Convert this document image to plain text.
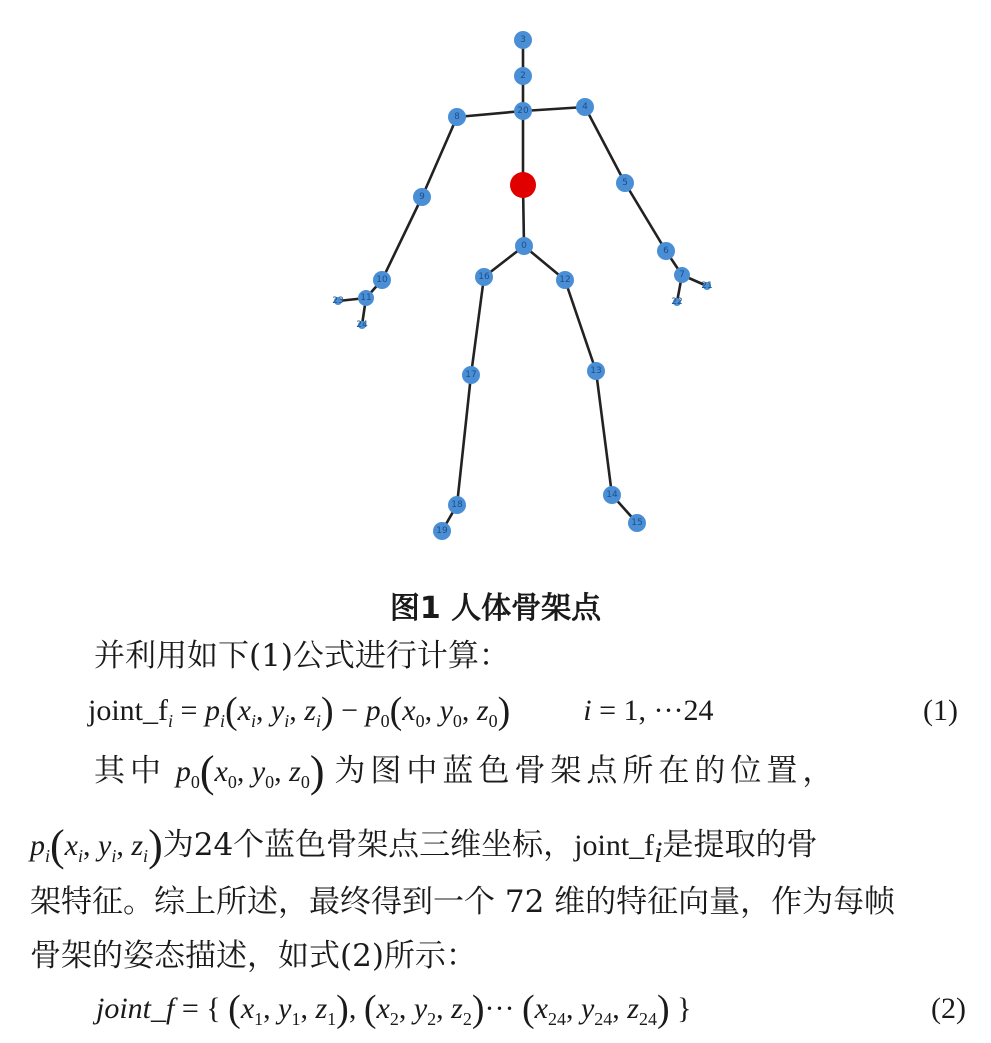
3
2
20
8
4
9
5
0
16	12
10
6
7
21
23 11	22
24
17	13
18
14
19
15
图1 人体骨架点
并利用如下(1)公式进行计算：
$joint\_f_i = p_i(x_i$, $y_i$, $z_i) - p_0(x_0$, $y_0$, $z_0$) i = 1, ···24	(1)
其中 $p_0(x_0$, $y_0$, $z_0$) 为图中蓝色骨架点所在的位置，
$p_i(x_i$, $y_i$, $z_i$)为24个蓝色骨架点三维坐标，$joint\_f_i$是提取的骨
架特征。综上所述，最终得到一个 72 维的特征向量，作为每帧
骨架的姿态描述，如式(2)所示：
joint_f = { ($x_1$, $y_1$, $z_1$), ($x_2$, $y_2$, $z_2)\cdot\cdot\cdot (x_{24}$, $y_{24}$, $z_{24}$) }	(2)
